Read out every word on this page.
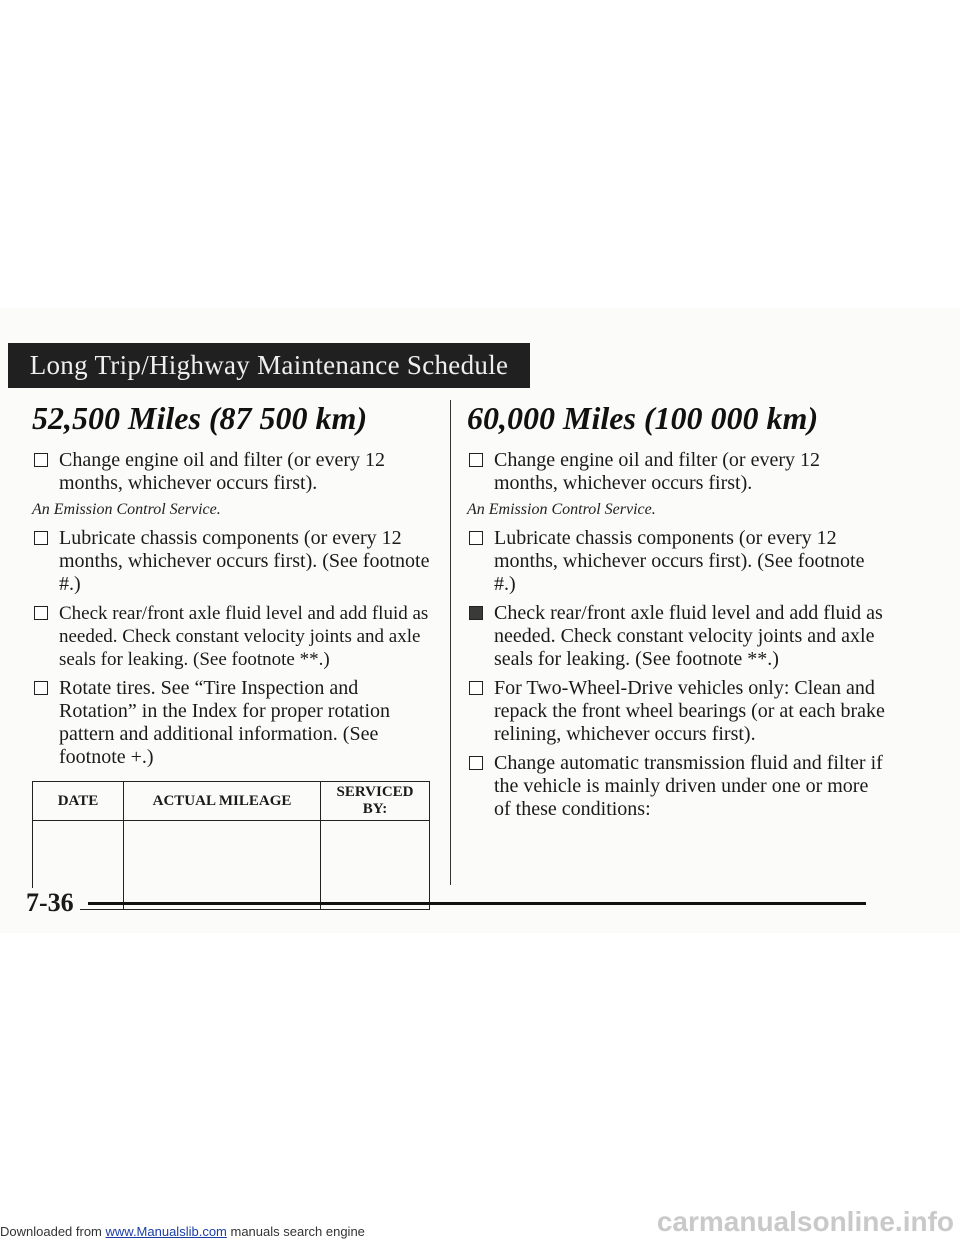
Long Trip/Highway Maintenance Schedule
52,500 Miles (87 500 km)
Change engine oil and filter (or every 12 months, whichever occurs first).

An Emission Control Service.

Lubricate chassis components (or every 12 months, whichever occurs first). (See footnote #.)
Check rear/front axle fluid level and add fluid as needed. Check constant velocity joints and axle seals for leaking. (See footnote **.)
Rotate tires. See “Tire Inspection and Rotation” in the Index for proper rotation pattern and additional information. (See footnote +.)
DATE	ACTUAL MILEAGE	SERVICED BY:

60,000 Miles (100 000 km)
Change engine oil and filter (or every 12 months, whichever occurs first).

An Emission Control Service.

Lubricate chassis components (or every 12 months, whichever occurs first). (See footnote #.)
Check rear/front axle fluid level and add fluid as needed. Check constant velocity joints and axle seals for leaking. (See footnote **.)
For Two-Wheel-Drive vehicles only: Clean and repack the front wheel bearings (or at each brake relining, whichever occurs first).
Change automatic transmission fluid and filter if the vehicle is mainly driven under one or more of these conditions:
7-36
Downloaded from www.Manualslib.com manuals search engine	carmanualsonline.info
